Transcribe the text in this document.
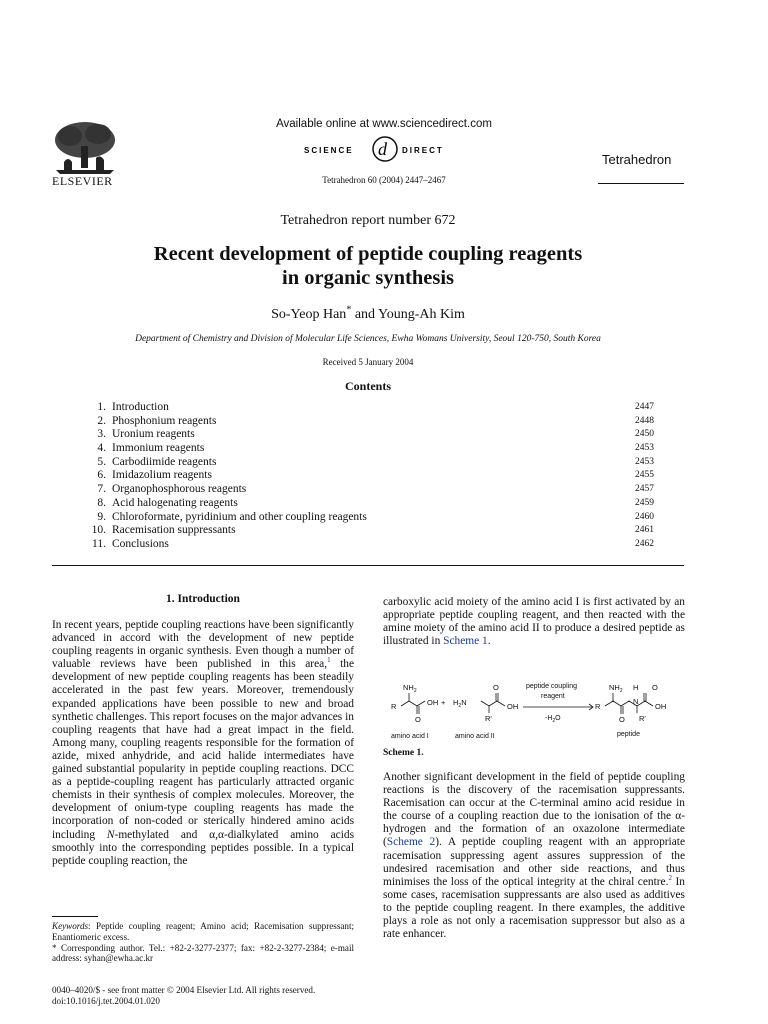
ELSEVIER
Available online at www.sciencedirect.com
SCIENCE d DIRECT
Tetrahedron 60 (2004) 2447–2467
Tetrahedron
Tetrahedron report number 672
Recent development of peptide coupling reagents
in organic synthesis
So-Yeop Han* and Young-Ah Kim
Department of Chemistry and Division of Molecular Life Sciences, Ewha Womans University, Seoul 120-750, South Korea
Received 5 January 2004
Contents
1. Introduction	2447
2. Phosphonium reagents	2448
3. Uronium reagents	2450
4. Immonium reagents	2453
5. Carbodiimide reagents	2453
6. Imidazolium reagents	2455
7. Organophosphorous reagents	2457
8. Acid halogenating reagents	2459
9. Chloroformate, pyridinium and other coupling reagents	2460
10. Racemisation suppressants	2461
11. Conclusions	2462
1. Introduction
In recent years, peptide coupling reactions have been significantly advanced in accord with the development of new peptide coupling reagents in organic synthesis. Even though a number of valuable reviews have been published in this area,$^1$ the development of new peptide coupling reagents has been steadily accelerated in the past few years. Moreover, tremendously expanded applications have been possible to new and broad synthetic challenges. This report focuses on the major advances in coupling reagents that have had a great impact in the field. Among many, coupling reagents responsible for the formation of azide, mixed anhydride, and acid halide intermediates have gained substantial popularity in peptide coupling reactions. DCC as a peptide-coupling reagent has particularly attracted organic chemists in their synthesis of complex molecules. Moreover, the development of onium-type coupling reagents has made the incorporation of non-coded or sterically hindered amino acids including N-methylated and α,α-dialkylated amino acids smoothly into the corresponding peptides possible. In a typical peptide coupling reaction, the
carboxylic acid moiety of the amino acid I is first activated by an appropriate peptide coupling reagent, and then reacted with the amine moiety of the amino acid II to produce a desired peptide as illustrated in Scheme 1.
$NH_2$
R	OH
O
+ $H_2N$
O
OH
R'
peptide coupling
reagent
$-H_2O$
$NH_2$ H O
R
N
O R'
OH
amino acid I	amino acid II	peptide
Scheme 1.
Another significant development in the field of peptide coupling reactions is the discovery of the racemisation suppressants. Racemisation can occur at the C-terminal amino acid residue in the course of a coupling reaction due to the ionisation of the α-hydrogen and the formation of an oxazolone intermediate (Scheme 2). A peptide coupling reagent with an appropriate racemisation suppressing agent assures suppression of the undesired racemisation and other side reactions, and thus minimises the loss of the optical integrity at the chiral centre.$^2$ In some cases, racemisation suppressants are also used as additives to the peptide coupling reagent. In there examples, the additive plays a role as not only a racemisation suppressor but also as a rate enhancer.
Keywords: Peptide coupling reagent; Amino acid; Racemisation suppressant; Enantiomeric excess.
* Corresponding author. Tel.: +82-2-3277-2377; fax: +82-2-3277-2384; e-mail address: syhan@ewha.ac.kr
0040–4020/$ - see front matter © 2004 Elsevier Ltd. All rights reserved.
doi:10.1016/j.tet.2004.01.020
